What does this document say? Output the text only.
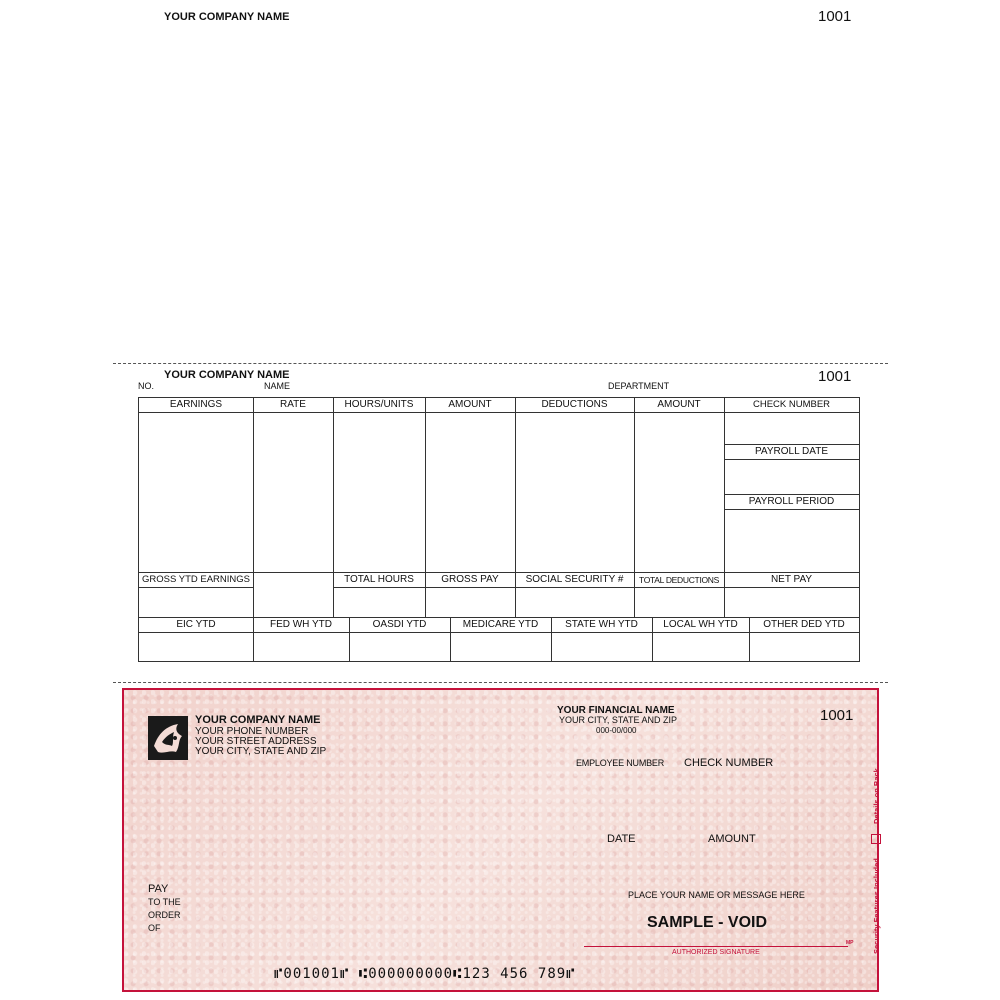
YOUR COMPANY NAME	1001
YOUR COMPANY NAME	1001
NO.	NAME	DEPARTMENT
EARNINGS	RATE	HOURS/UNITS	AMOUNT	DEDUCTIONS	AMOUNT	CHECK NUMBER
PAYROLL DATE
PAYROLL PERIOD
GROSS YTD EARNINGS	TOTAL HOURS	GROSS PAY	SOCIAL SECURITY #	TOTAL DEDUCTIONS	NET PAY
EIC YTD	FED WH YTD	OASDI YTD	MEDICARE YTD	STATE WH YTD	LOCAL WH YTD	OTHER DED YTD
YOUR COMPANY NAME
YOUR PHONE NUMBER
YOUR STREET ADDRESS
YOUR CITY, STATE AND ZIP
YOUR FINANCIAL NAME
YOUR CITY, STATE AND ZIP
000-00/000
1001
EMPLOYEE NUMBER CHECK NUMBER
DATE	AMOUNT
PAY
TO THE
ORDER
OF
PLACE YOUR NAME OR MESSAGE HERE
SAMPLE - VOID
MP
AUTHORIZED SIGNATURE	Security Features Included
Details on Back.
⑈001001⑈ ⑆000000000⑆123 456 789⑈
